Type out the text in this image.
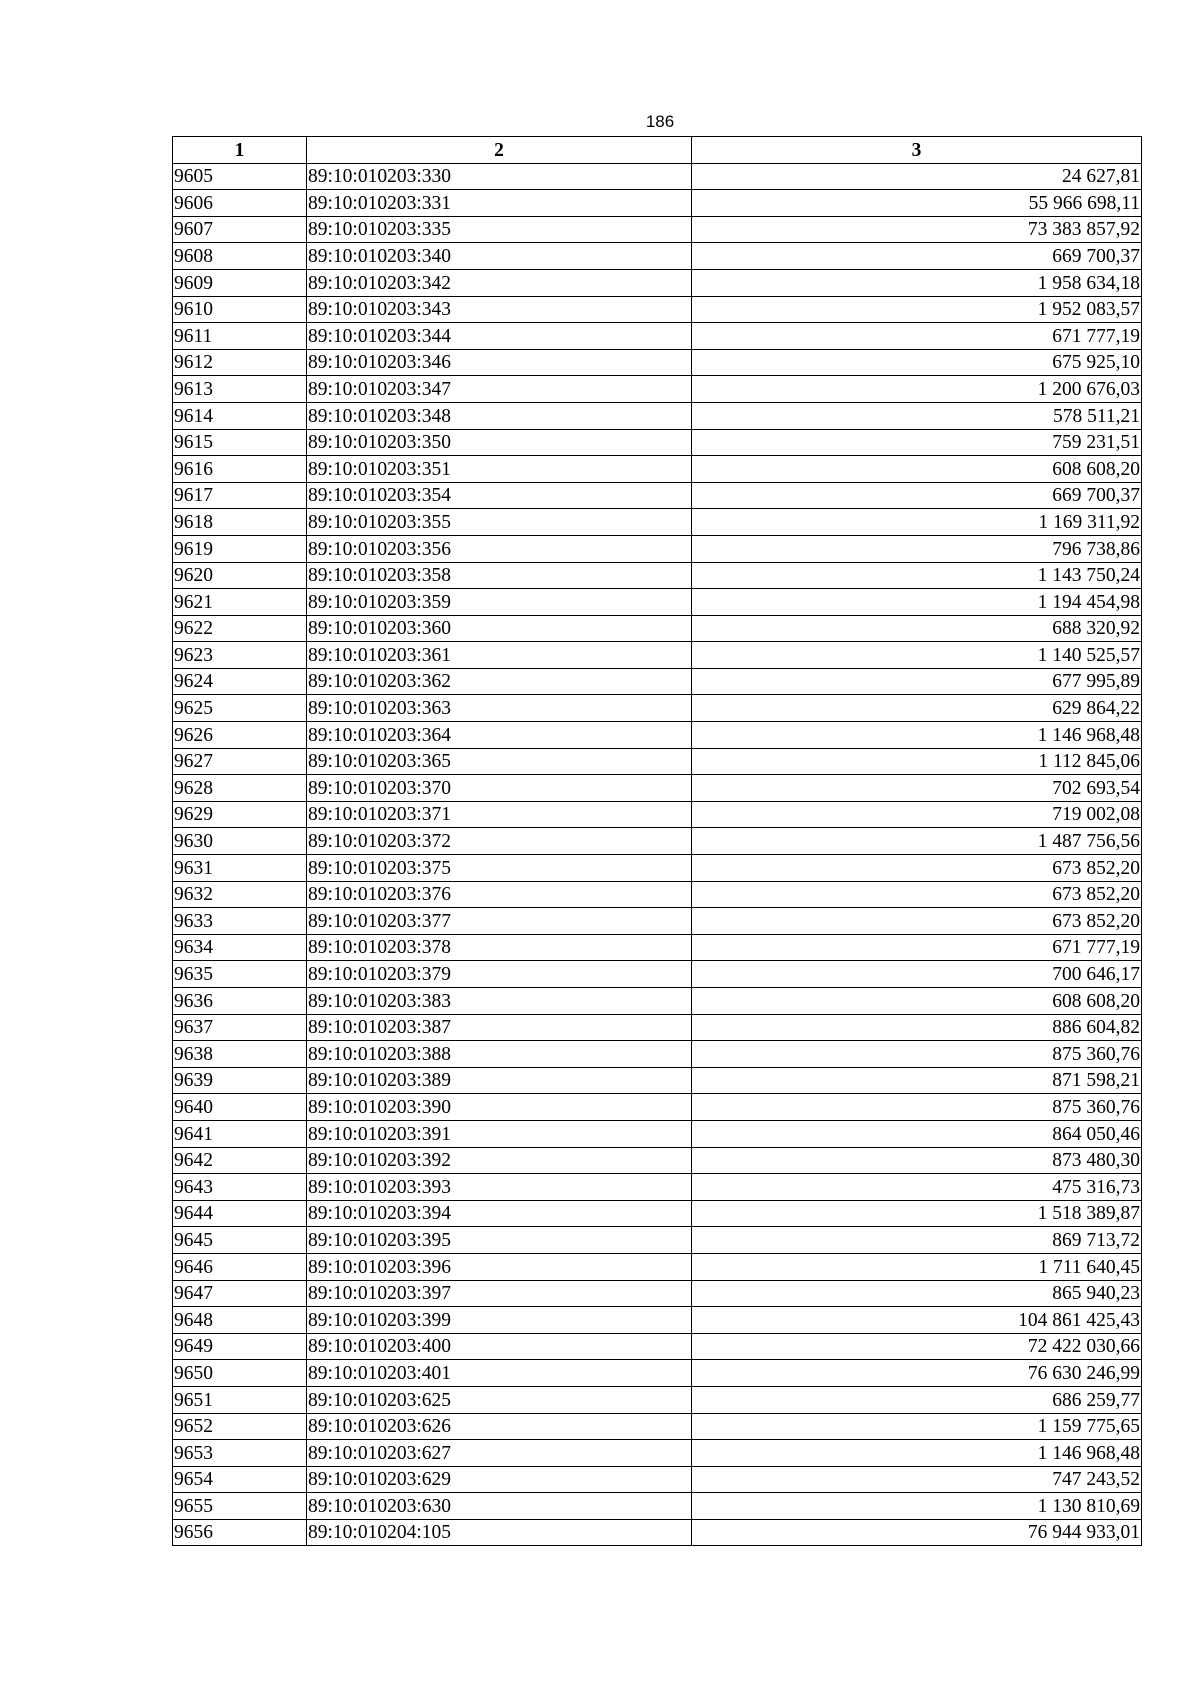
186
1	2	3
9605	89:10:010203:330	24 627,81
9606	89:10:010203:331	55 966 698,11
9607	89:10:010203:335	73 383 857,92
9608	89:10:010203:340	669 700,37
9609	89:10:010203:342	1 958 634,18
9610	89:10:010203:343	1 952 083,57
9611	89:10:010203:344	671 777,19
9612	89:10:010203:346	675 925,10
9613	89:10:010203:347	1 200 676,03
9614	89:10:010203:348	578 511,21
9615	89:10:010203:350	759 231,51
9616	89:10:010203:351	608 608,20
9617	89:10:010203:354	669 700,37
9618	89:10:010203:355	1 169 311,92
9619	89:10:010203:356	796 738,86
9620	89:10:010203:358	1 143 750,24
9621	89:10:010203:359	1 194 454,98
9622	89:10:010203:360	688 320,92
9623	89:10:010203:361	1 140 525,57
9624	89:10:010203:362	677 995,89
9625	89:10:010203:363	629 864,22
9626	89:10:010203:364	1 146 968,48
9627	89:10:010203:365	1 112 845,06
9628	89:10:010203:370	702 693,54
9629	89:10:010203:371	719 002,08
9630	89:10:010203:372	1 487 756,56
9631	89:10:010203:375	673 852,20
9632	89:10:010203:376	673 852,20
9633	89:10:010203:377	673 852,20
9634	89:10:010203:378	671 777,19
9635	89:10:010203:379	700 646,17
9636	89:10:010203:383	608 608,20
9637	89:10:010203:387	886 604,82
9638	89:10:010203:388	875 360,76
9639	89:10:010203:389	871 598,21
9640	89:10:010203:390	875 360,76
9641	89:10:010203:391	864 050,46
9642	89:10:010203:392	873 480,30
9643	89:10:010203:393	475 316,73
9644	89:10:010203:394	1 518 389,87
9645	89:10:010203:395	869 713,72
9646	89:10:010203:396	1 711 640,45
9647	89:10:010203:397	865 940,23
9648	89:10:010203:399	104 861 425,43
9649	89:10:010203:400	72 422 030,66
9650	89:10:010203:401	76 630 246,99
9651	89:10:010203:625	686 259,77
9652	89:10:010203:626	1 159 775,65
9653	89:10:010203:627	1 146 968,48
9654	89:10:010203:629	747 243,52
9655	89:10:010203:630	1 130 810,69
9656	89:10:010204:105	76 944 933,01
